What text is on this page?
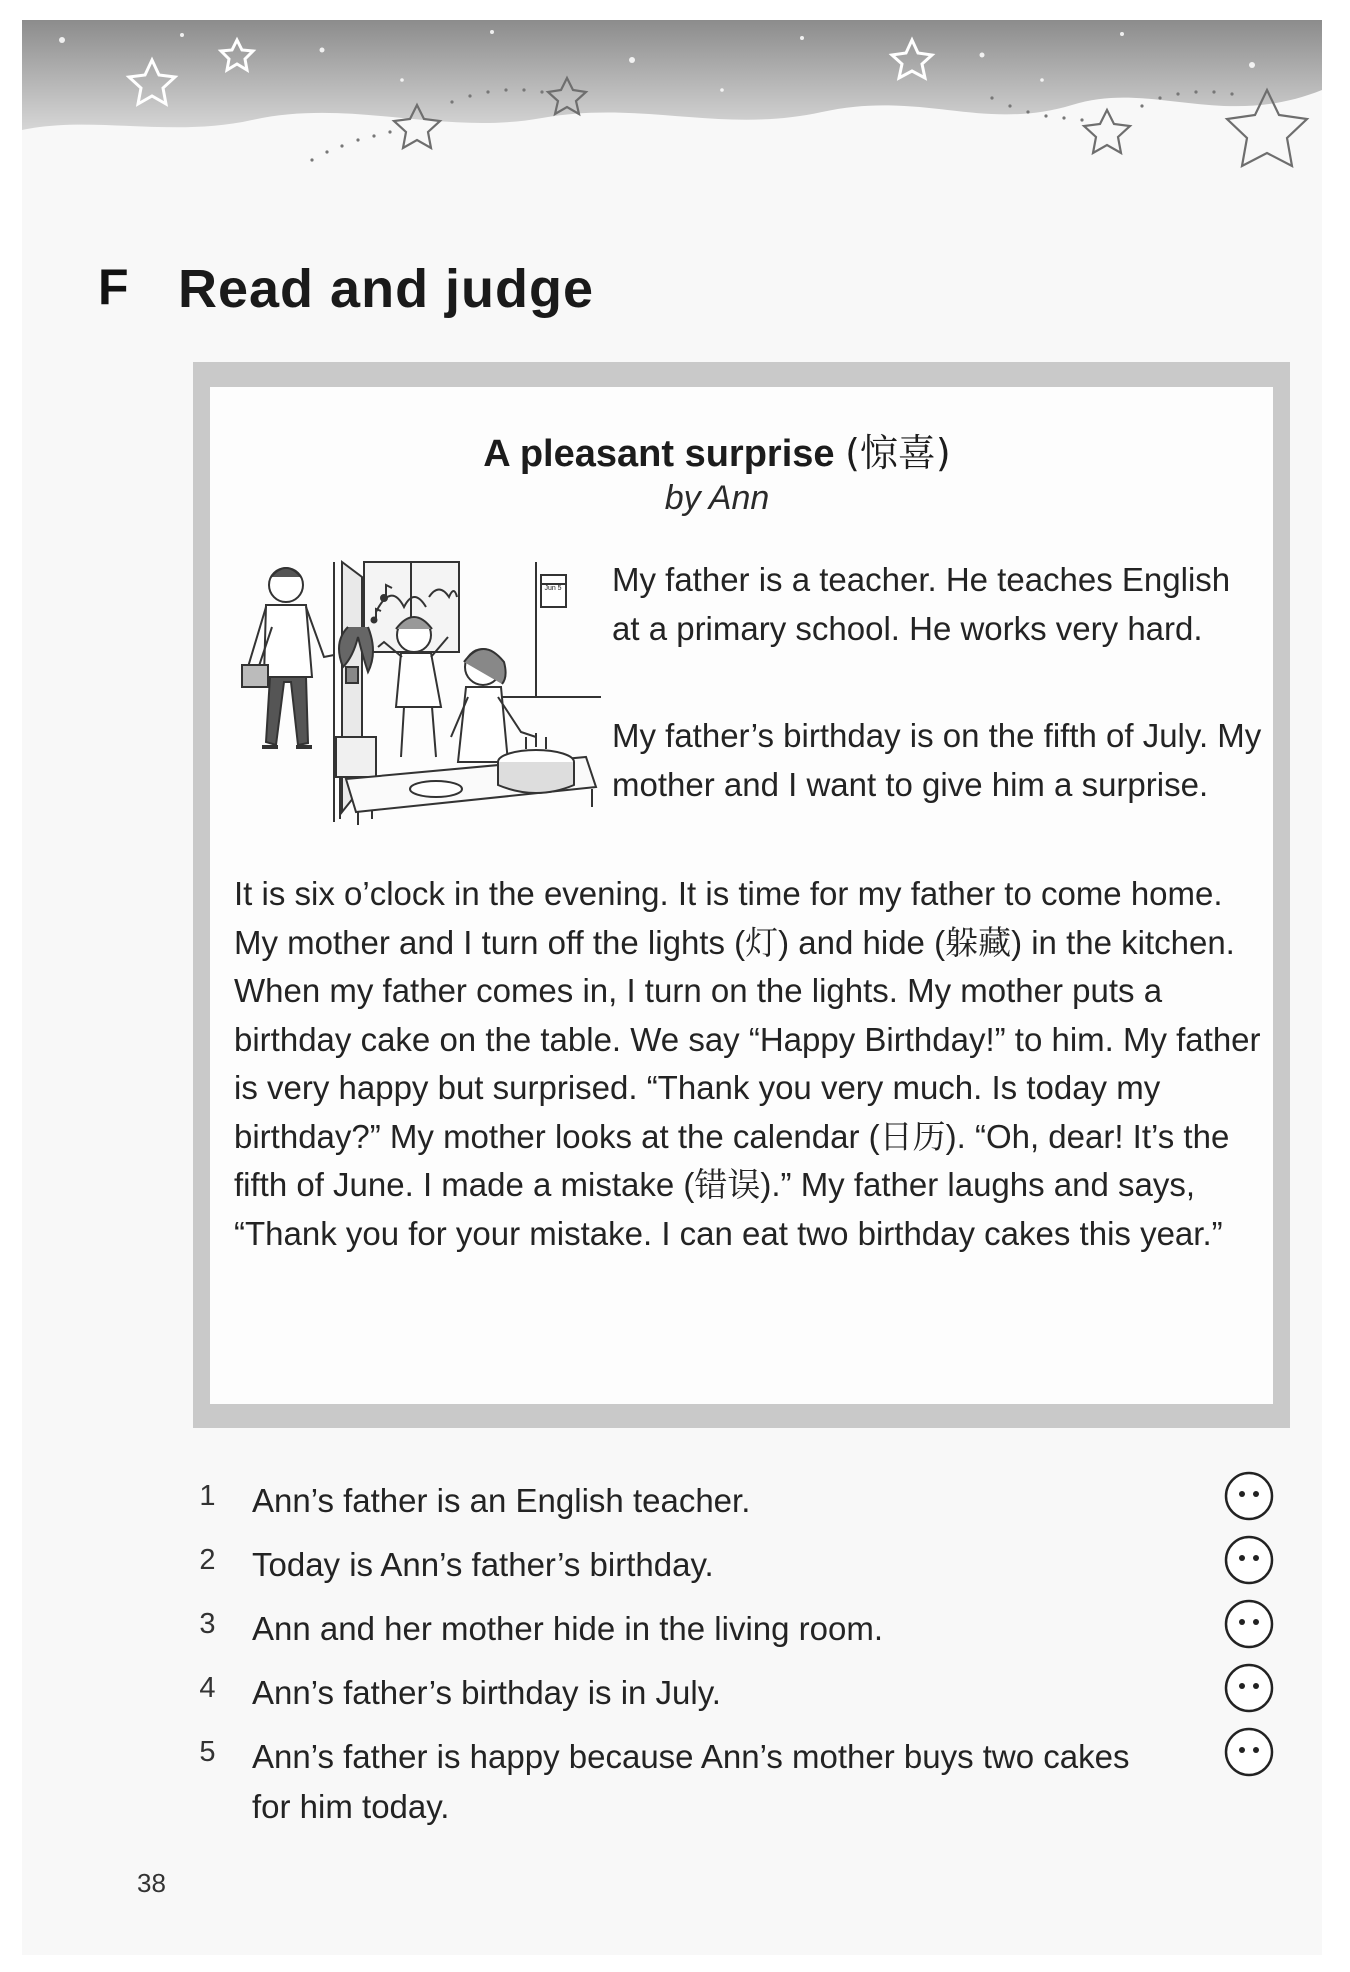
F Read and judge
A pleasant surprise (惊喜)
by Ann
Jun 5 My father is a teacher. He teaches English at a primary school. He works very hard.
My father’s birthday is on the fifth of July. My mother and I want to give him a surprise.
It is six o’clock in the evening. It is time for my father to come home. My mother and I turn off the lights (灯) and hide (躲藏) in the kitchen. When my father comes in, I turn on the lights. My mother puts a birthday cake on the table. We say “Happy Birthday!” to him. My father is very happy but surprised. “Thank you very much. Is today my birthday?” My mother looks at the calendar (日历). “Oh, dear! It’s the fifth of June. I made a mistake (错误).” My father laughs and says, “Thank you for your mistake. I can eat two birthday cakes this year.”
1 Ann’s father is an English teacher.
2 Today is Ann’s father’s birthday.
3 Ann and her mother hide in the living room.
4 Ann’s father’s birthday is in July.
5 Ann’s father is happy because Ann’s mother buys two cakes for him today.
38
